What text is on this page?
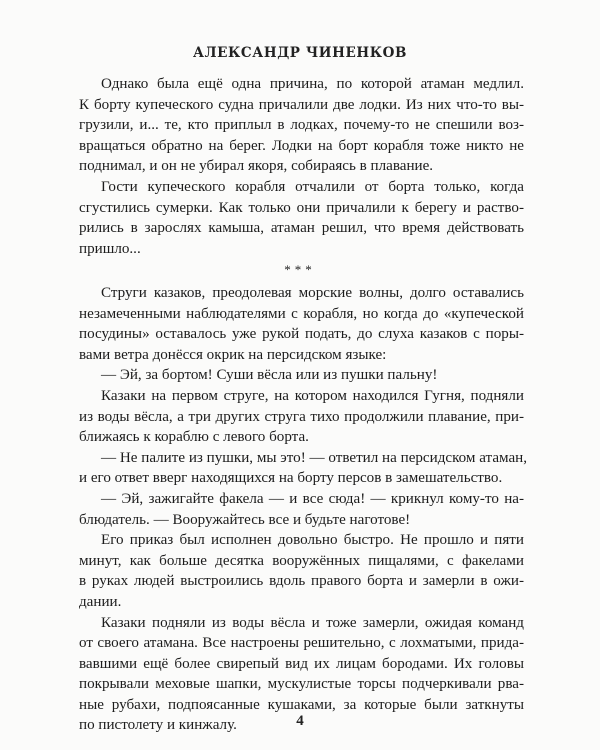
АЛЕКСАНДР ЧИНЕНКОВ
Однако была ещё одна причина, по которой атаман медлил.
К борту купеческого судна причалили две лодки. Из них что-то вы-
грузили, и... те, кто приплыл в лодках, почему-то не спешили воз-
вращаться обратно на берег. Лодки на борт корабля тоже никто не
поднимал, и он не убирал якоря, собираясь в плавание.
Гости купеческого корабля отчалили от борта только, когда
сгустились сумерки. Как только они причалили к берегу и раство-
рились в зарослях камыша, атаман решил, что время действовать
пришло...
***
Струги казаков, преодолевая морские волны, долго оставались
незамеченными наблюдателями с корабля, но когда до «купеческой
посудины» оставалось уже рукой подать, до слуха казаков с поры-
вами ветра донёсся окрик на персидском языке:
— Эй, за бортом! Суши вёсла или из пушки пальну!
Казаки на первом струге, на котором находился Гугня, подняли
из воды вёсла, а три других струга тихо продолжили плавание, при-
ближаясь к кораблю с левого борта.
— Не палите из пушки, мы это! — ответил на персидском атаман,
и его ответ вверг находящихся на борту персов в замешательство.
— Эй, зажигайте факела — и все сюда! — крикнул кому-то на-
блюдатель. — Вооружайтесь все и будьте наготове!
Его приказ был исполнен довольно быстро. Не прошло и пяти
минут, как больше десятка вооружённых пищалями, с факелами
в руках людей выстроились вдоль правого борта и замерли в ожи-
дании.
Казаки подняли из воды вёсла и тоже замерли, ожидая команд
от своего атамана. Все настроены решительно, с лохматыми, прида-
вавшими ещё более свирепый вид их лицам бородами. Их головы
покрывали меховые шапки, мускулистые торсы подчеркивали рва-
ные рубахи, подпоясанные кушаками, за которые были заткнуты
по пистолету и кинжалу.	4
